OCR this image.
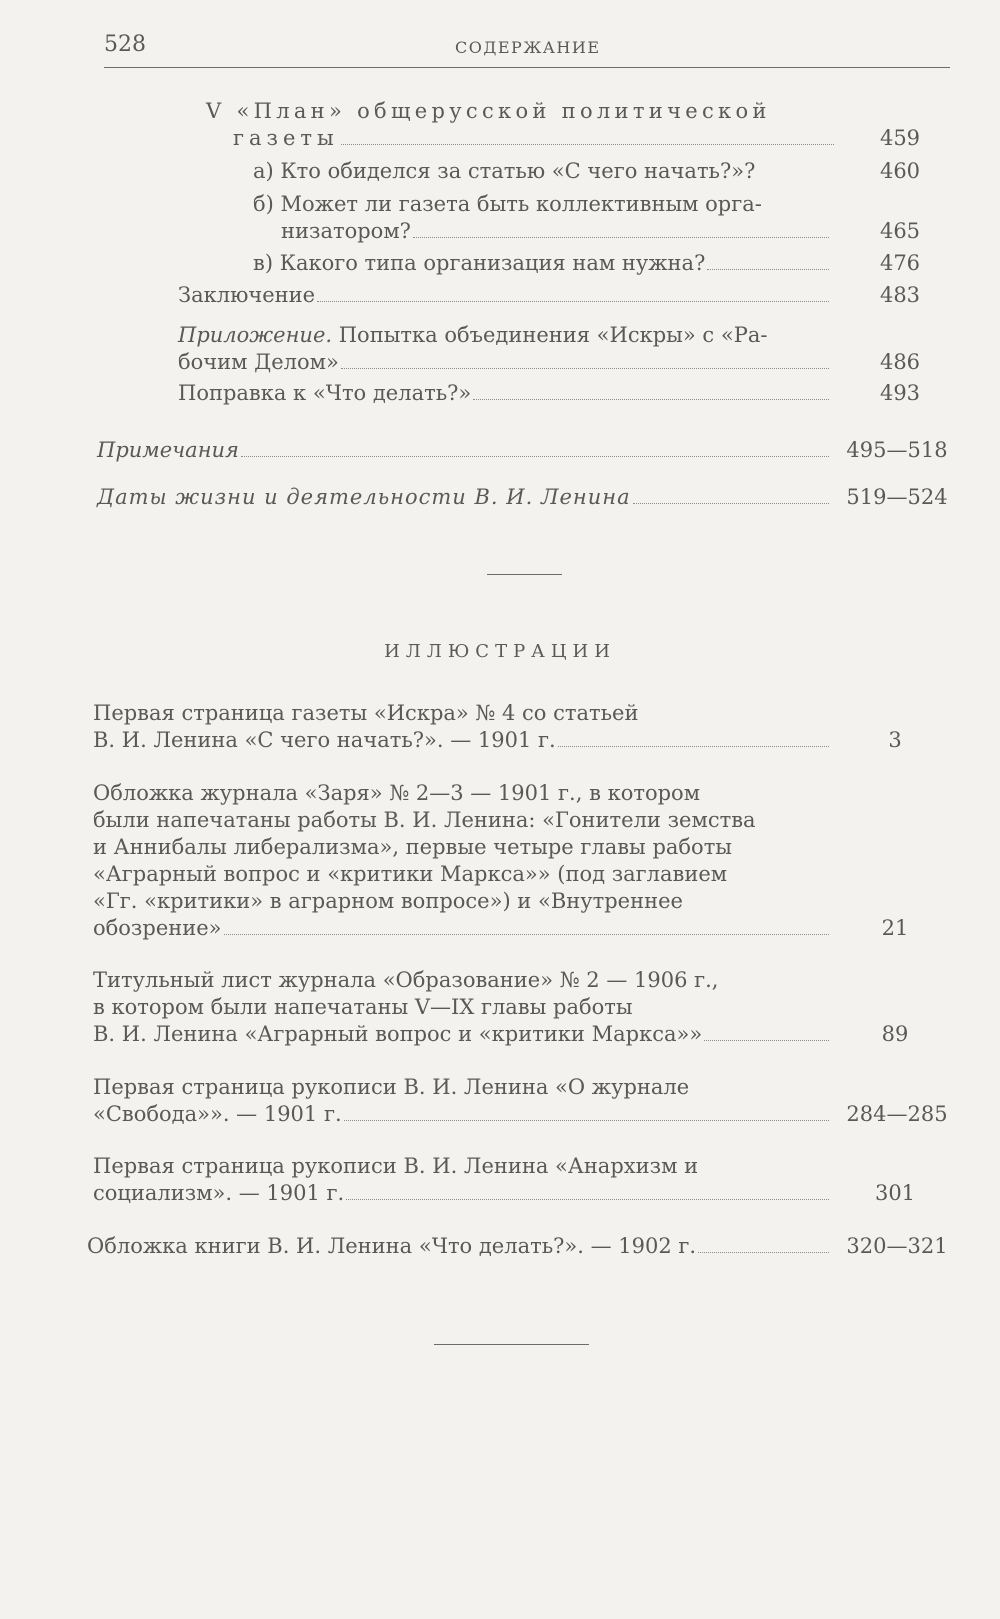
528	СОДЕРЖАНИЕ
V «План» общерусской политической
газеты	459
а) Кто обиделся за статью «С чего начать?»?	460
б) Может ли газета быть коллективным орга-
низатором?	465
в) Какого типа организация нам нужна?	476
Заключение	483
Приложение. Попытка объединения «Искры» с «Ра-
бочим Делом»	486
Поправка к «Что делать?»	493
Примечания	495—518
Даты жизни и деятельности В. И. Ленина	519—524
ИЛЛЮСТРАЦИИ
Первая страница газеты «Искра» № 4 со статьей
В. И. Ленина «С чего начать?». — 1901 г.	3
Обложка журнала «Заря» № 2—3 — 1901 г., в котором
были напечатаны работы В. И. Ленина: «Гонители земства
и Аннибалы либерализма», первые четыре главы работы
«Аграрный вопрос и «критики Маркса»» (под заглавием
«Гг. «критики» в аграрном вопросе») и «Внутреннее
обозрение»	21
Титульный лист журнала «Образование» № 2 — 1906 г.,
в котором были напечатаны V—IX главы работы
В. И. Ленина «Аграрный вопрос и «критики Маркса»»	89
Первая страница рукописи В. И. Ленина «О журнале
«Свобода»». — 1901 г.	284—285
Первая страница рукописи В. И. Ленина «Анархизм и
социализм». — 1901 г.	301
Обложка книги В. И. Ленина «Что делать?». — 1902 г.	320—321
